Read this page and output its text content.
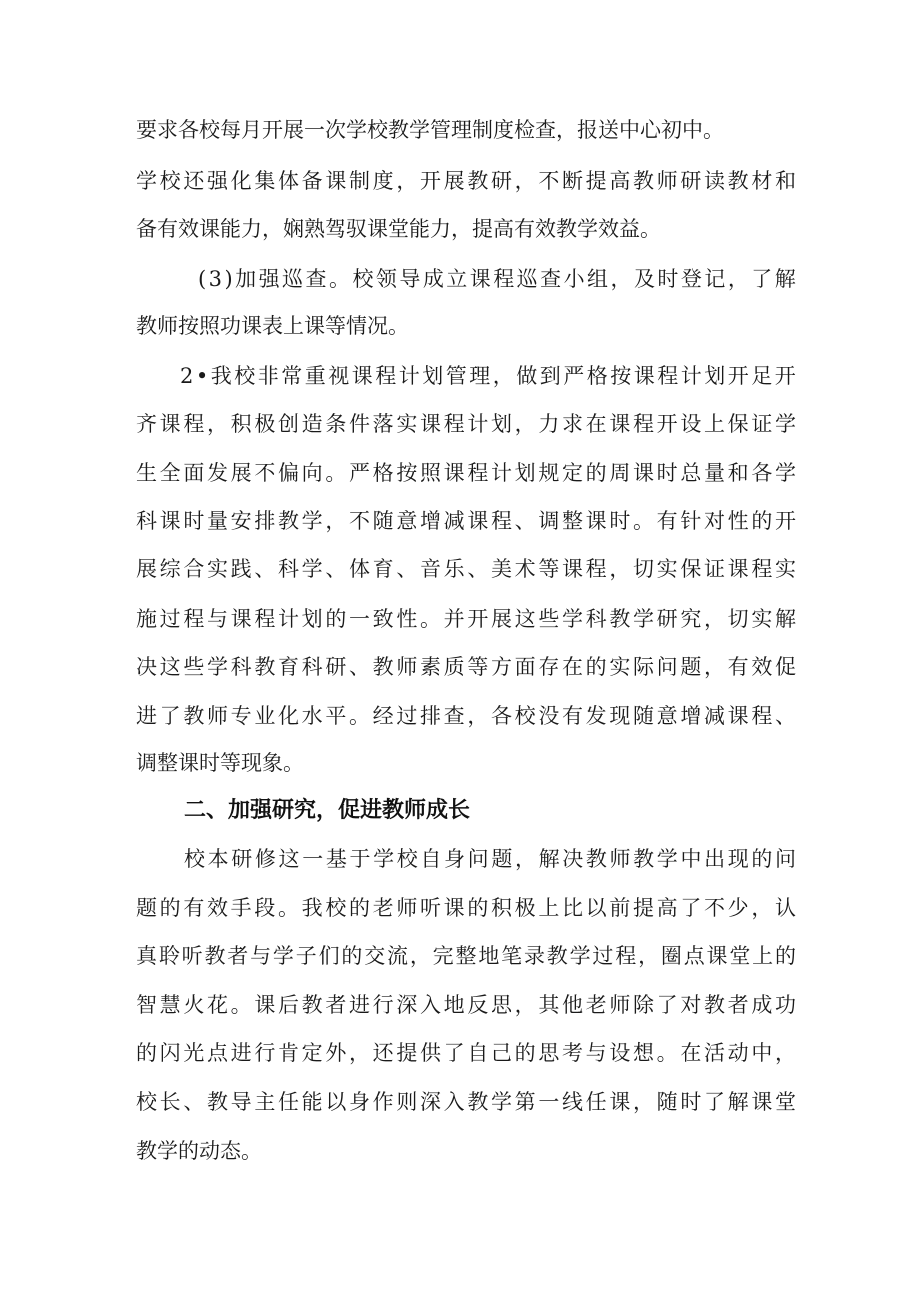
要求各校每月开展一次学校教学管理制度检查，报送中心初中。

学校还强化集体备课制度，开展教研，不断提高教师研读教材和

备有效课能力，娴熟驾驭课堂能力，提高有效教学效益。

(3)加强巡查。校领导成立课程巡查小组，及时登记，了解

教师按照功课表上课等情况。

2•我校非常重视课程计划管理，做到严格按课程计划开足开

齐课程，积极创造条件落实课程计划，力求在课程开设上保证学

生全面发展不偏向。严格按照课程计划规定的周课时总量和各学

科课时量安排教学，不随意增减课程、调整课时。有针对性的开

展综合实践、科学、体育、音乐、美术等课程，切实保证课程实

施过程与课程计划的一致性。并开展这些学科教学研究，切实解

决这些学科教育科研、教师素质等方面存在的实际问题，有效促

进了教师专业化水平。经过排查，各校没有发现随意增减课程、

调整课时等现象。

二、加强研究，促进教师成长

校本研修这一基于学校自身问题，解决教师教学中出现的问

题的有效手段。我校的老师听课的积极上比以前提高了不少，认

真聆听教者与学子们的交流，完整地笔录教学过程，圈点课堂上的

智慧火花。课后教者进行深入地反思，其他老师除了对教者成功

的闪光点进行肯定外，还提供了自己的思考与设想。在活动中，

校长、教导主任能以身作则深入教学第一线任课，随时了解课堂

教学的动态。
